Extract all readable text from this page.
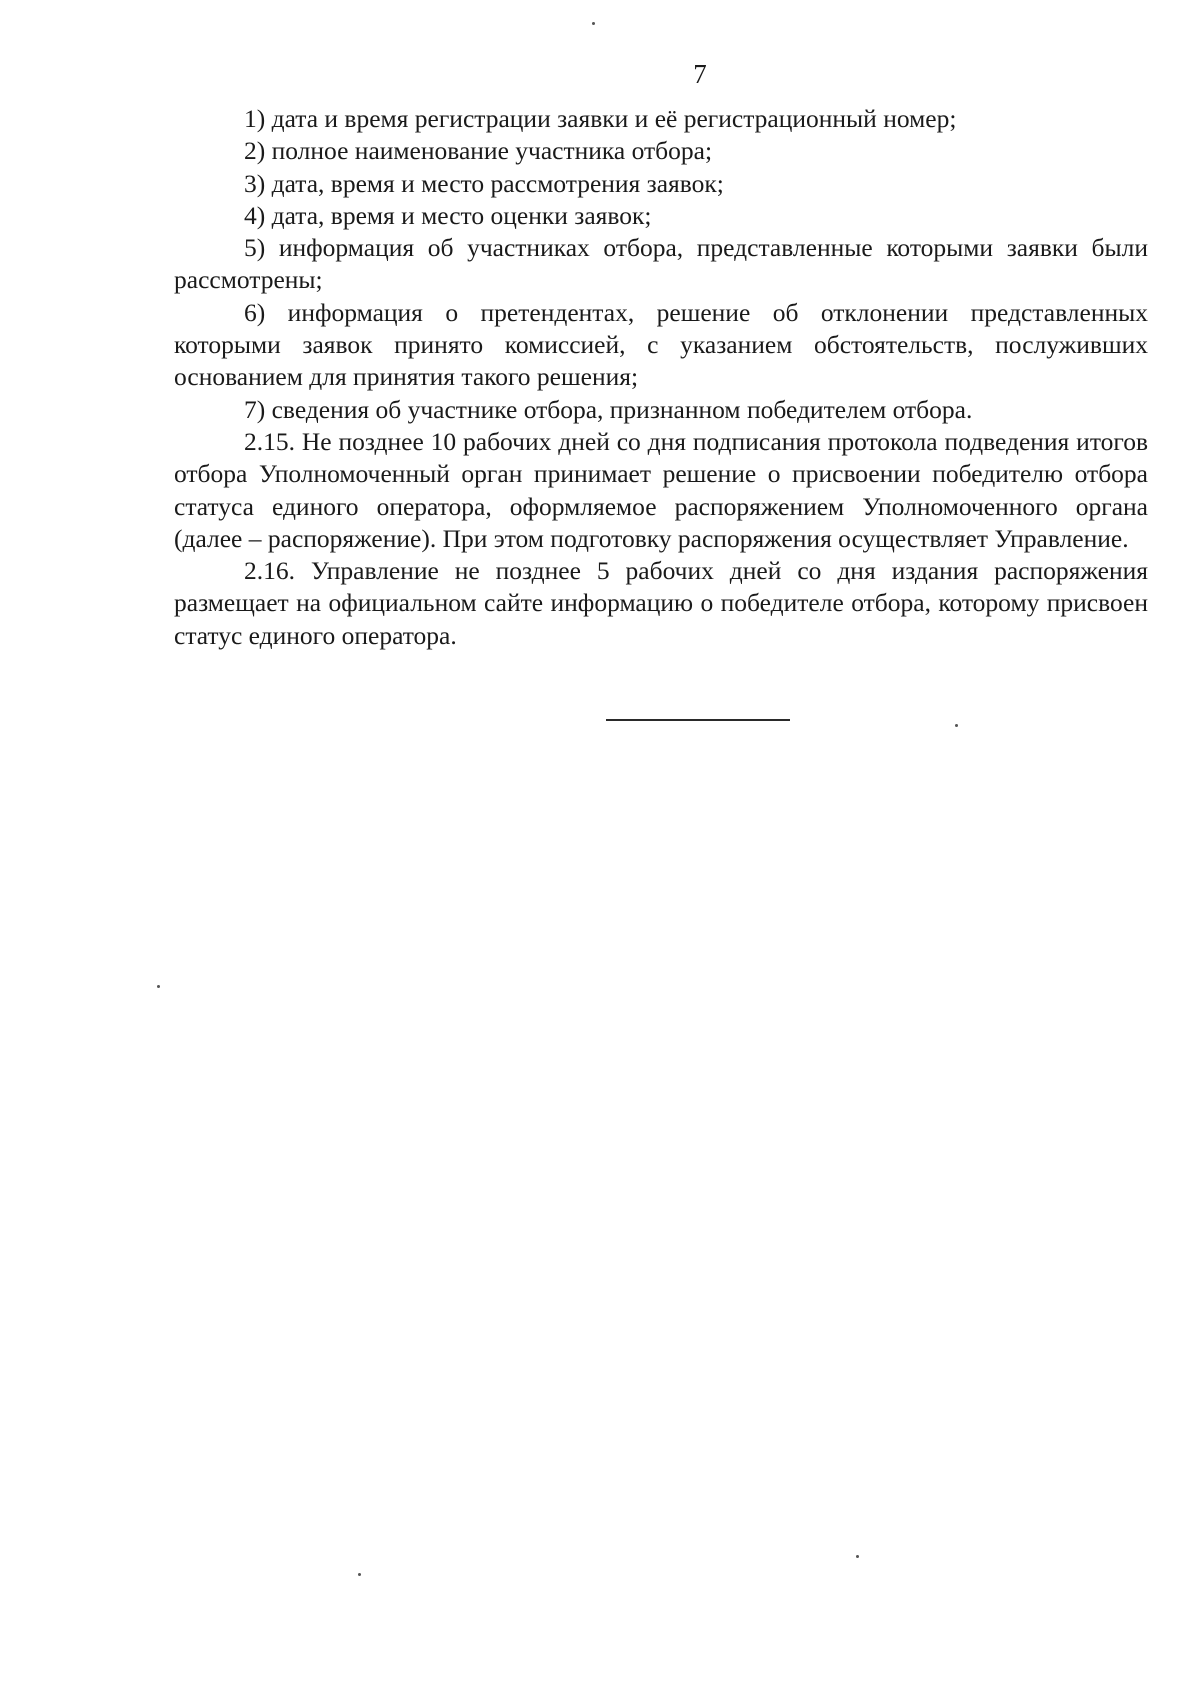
7

1) дата и время регистрации заявки и её регистрационный номер;

2) полное наименование участника отбора;

3) дата, время и место рассмотрения заявок;

4) дата, время и место оценки заявок;

5) информация об участниках отбора, представленные которыми заявки были рассмотрены;

6) информация о претендентах, решение об отклонении представленных которыми заявок принято комиссией, с указанием обстоятельств, послуживших основанием для принятия такого решения;

7) сведения об участнике отбора, признанном победителем отбора.

2.15. Не позднее 10 рабочих дней со дня подписания протокола подведения итогов отбора Уполномоченный орган принимает решение о присвоении победителю отбора статуса единого оператора, оформляемое распоряжением Уполномоченного органа (далее – распоряжение). При этом подготовку распоряжения осуществляет Управление.

2.16. Управление не позднее 5 рабочих дней со дня издания распоряжения размещает на официальном сайте информацию о победителе отбора, которому присвоен статус единого оператора.
